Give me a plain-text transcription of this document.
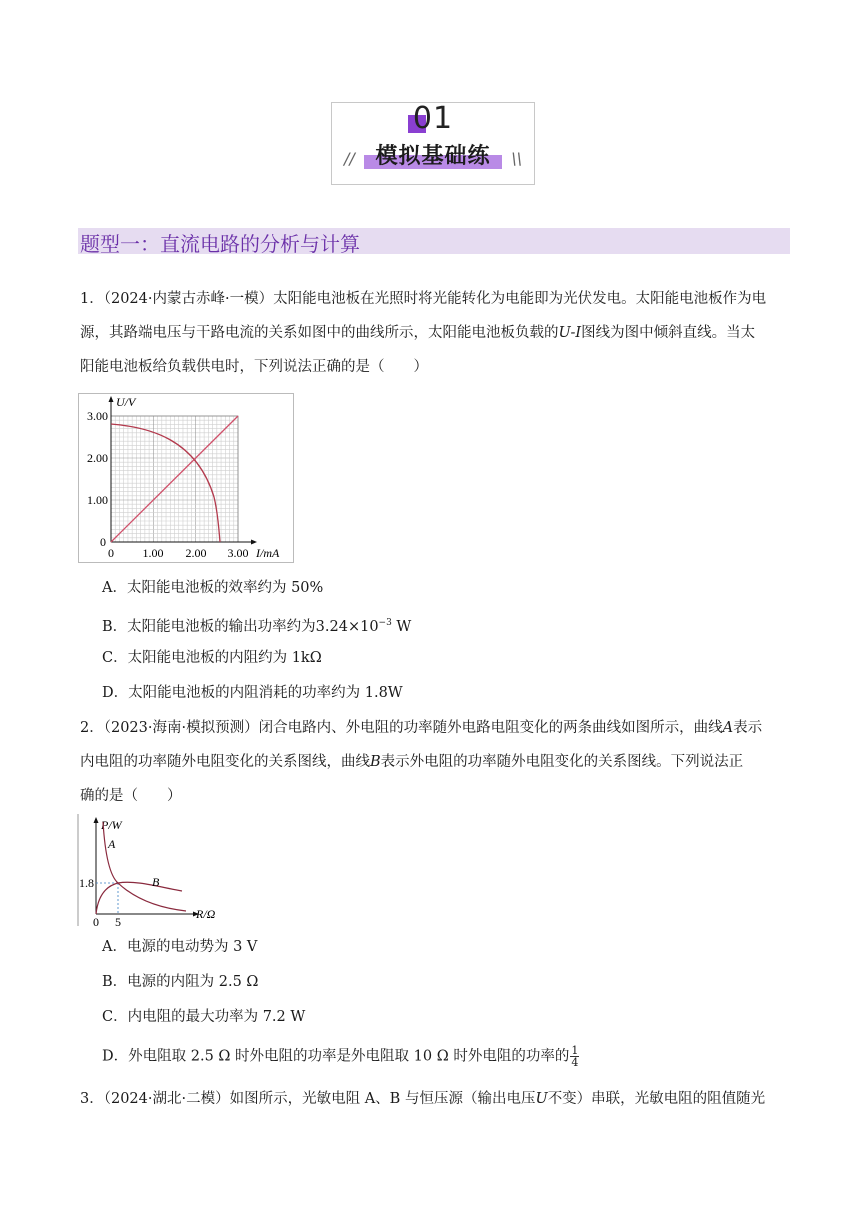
01
// 模拟基础练	\\
题型一：直流电路的分析与计算
1．（2024·内蒙古赤峰·一模）太阳能电池板在光照时将光能转化为电能即为光伏发电。太阳能电池板作为电
源，其路端电压与干路电流的关系如图中的曲线所示，太阳能电池板负载的U-I图线为图中倾斜直线。当太
阳能电池板给负载供电时，下列说法正确的是（　　）
U/V
I/mA
3.00
2.00
1.00
0
0 1.00 2.00 3.00
A．太阳能电池板的效率约为 50%
B．太阳能电池板的输出功率约为$3.24\times 10^{-3}$ W
C．太阳能电池板的内阻约为 1kΩ
D．太阳能电池板的内阻消耗的功率约为 1.8W
2．（2023·海南·模拟预测）闭合电路内、外电阻的功率随外电路电阻变化的两条曲线如图所示，曲线A表示
内电阻的功率随外电阻变化的关系图线，曲线B表示外电阻的功率随外电阻变化的关系图线。下列说法正
确的是（　　）
P/W
R/Ω
1.8
0 5
A
B
A．电源的电动势为 3 V
B．电源的内阻为 2.5 Ω
C．内电阻的最大功率为 7.2 W
D．外电阻取 2.5 Ω 时外电阻的功率是外电阻取 10 Ω 时外电阻的功率的 $\frac{1}{4}$
3．（2024·湖北·二模）如图所示，光敏电阻 A、B 与恒压源（输出电压U不变）串联，光敏电阻的阻值随光
